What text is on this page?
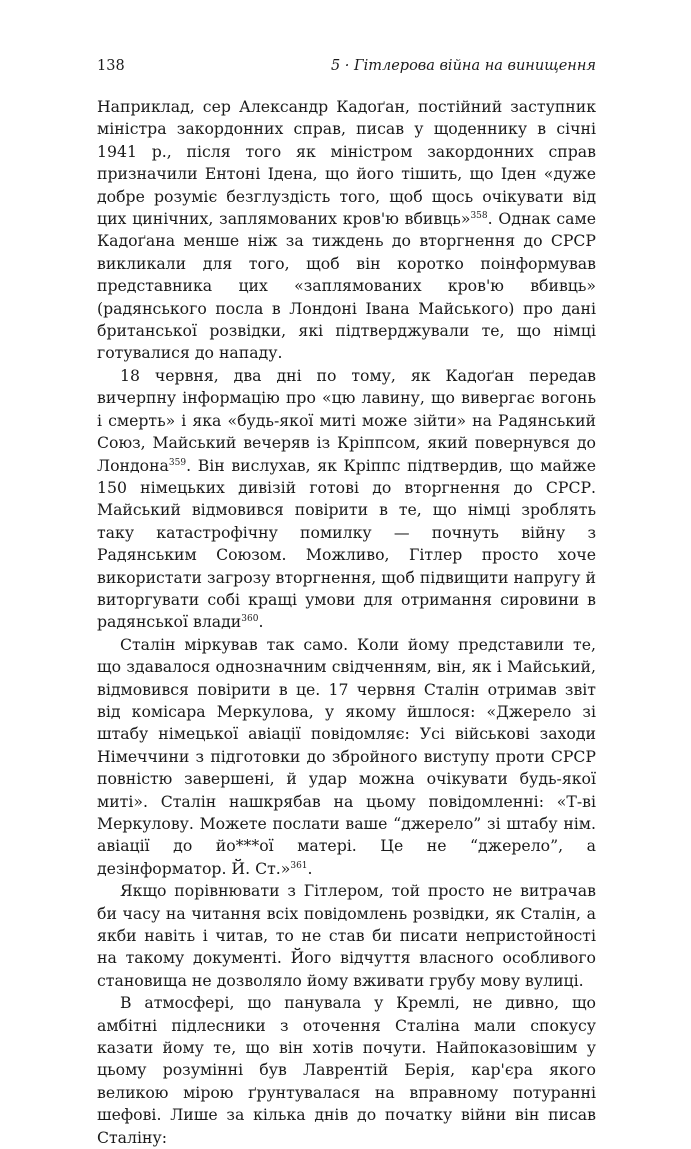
138	5 · Гітлерова війна на винищення

Наприклад, сер Александр Кадоґан, постійний заступник міністра закордонних справ, писав у щоденнику в січні 1941 р., після того як міністром закордонних справ призначили Ентоні Ідена, що його тішить, що Іден «дуже добре розуміє безглуздість того, щоб щось очікувати від цих цинічних, заплямованих кров'ю вбивць»$^{358}$. Однак саме Кадоґана менше ніж за тиждень до вторгнення до СРСР викликали для того, щоб він коротко поінформував представника цих «заплямованих кров'ю вбивць» (радянського посла в Лондоні Івана Майського) про дані британської розвідки, які підтверджували те, що німці готувалися до нападу.

18 червня, два дні по тому, як Кадоґан передав вичерпну інформацію про «цю лавину, що вивергає вогонь і смерть» і яка «будь-якої миті може зійти» на Радянський Союз, Майський вечеряв із Кріппсом, який повернувся до Лондона$^{359}$. Він вислухав, як Кріппс підтвердив, що майже 150 німецьких дивізій готові до вторгнення до СРСР. Майський відмовився повірити в те, що німці зроблять таку катастрофічну помилку — почнуть війну з Радянським Союзом. Можливо, Гітлер просто хоче використати загрозу вторгнення, щоб підвищити напругу й виторгувати собі кращі умови для отримання сировини в радянської влади$^{360}$.

Сталін міркував так само. Коли йому представили те, що здавалося однозначним свідченням, він, як і Майський, відмовився повірити в це. 17 червня Сталін отримав звіт від комісара Меркулова, у якому йшлося: «Джерело зі штабу німецької авіації повідомляє: Усі військові заходи Німеччини з підготовки до збройного виступу проти СРСР повністю завершені, й удар можна очікувати будь-якої миті». Сталін нашкрябав на цьому повідомленні: «Т-ві Меркулову. Можете послати ваше “джерело” зі штабу нім. авіації до йо***ої матері. Це не “джерело”, а дезінформатор. Й. Ст.»$^{361}$.

Якщо порівнювати з Гітлером, той просто не витрачав би часу на читання всіх повідомлень розвідки, як Сталін, а якби навіть і читав, то не став би писати непристойності на такому документі. Його відчуття власного особливого становища не дозволяло йому вживати грубу мову вулиці.

В атмосфері, що панувала у Кремлі, не дивно, що амбітні підлесники з оточення Сталіна мали спокусу казати йому те, що він хотів почути. Найпоказовішим у цьому розумінні був Лаврентій Берія, кар'єра якого великою мірою ґрунтувалася на вправному потуранні шефові. Лише за кілька днів до початку війни він писав Сталіну:
